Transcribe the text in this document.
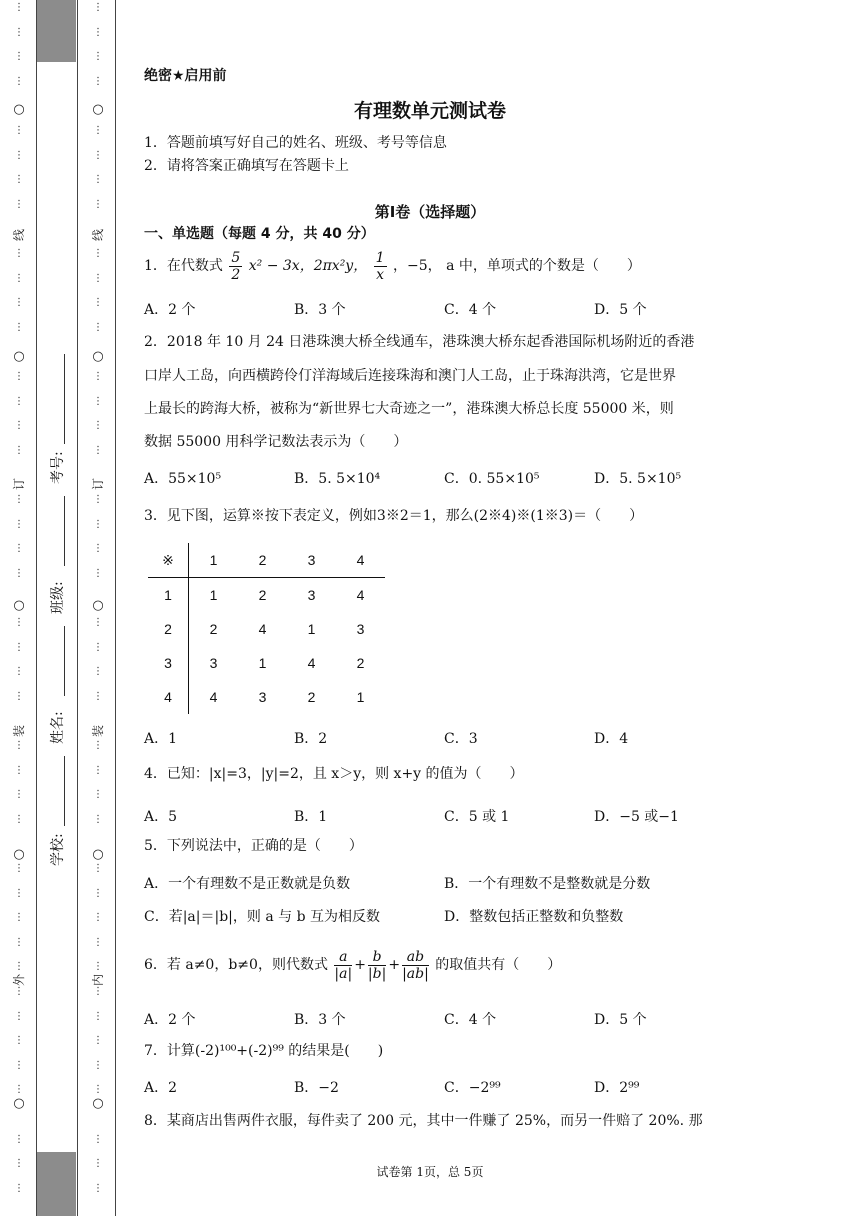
⋮
⋮
⋮
⋮
⋮
⋮
⋮
⋮
⋮
⋮
⋮
⋮
⋮
⋮
⋮
⋮
⋮
⋮
⋮
⋮
⋮
⋮
⋮
⋮
⋮
⋮
⋮
⋮
⋮
⋮
⋮
⋮
⋮
⋮
⋮
⋮
⋮
⋮
⋮
⋮
⋮
○
○
○
○
○
线
订
装
外
⋮
⋮
⋮
⋮
⋮
⋮
⋮
⋮
⋮
⋮
⋮
⋮
⋮
⋮
⋮
⋮
⋮
⋮
⋮
⋮
⋮
⋮
⋮
⋮
⋮
⋮
⋮
⋮
⋮
⋮
⋮
⋮
⋮
⋮
⋮
⋮
⋮
⋮
⋮
⋮
⋮
○
○
○
○
○
线
订
装
内
学校:
姓名:
班级:
考号:
绝密★启用前
有理数单元测试卷
1．答题前填写好自己的姓名、班级、考号等信息
2．请将答案正确填写在答题卡上
第Ⅰ卷（选择题）
一、单选题（每题 4 分，共 40 分）
1．在代数式 $\frac{5}{2} x^2 - 3x$，2πx²y， $\frac{1}{x}$ ，−5， a 中，单项式的个数是（　　）
A．2 个	B．3 个	C．4 个	D．5 个
2．2018 年 10 月 24 日港珠澳大桥全线通车，港珠澳大桥东起香港国际机场附近的香港
口岸人工岛，向西横跨伶仃洋海域后连接珠海和澳门人工岛，止于珠海洪湾，它是世界
上最长的跨海大桥，被称为“新世界七大奇迹之一”，港珠澳大桥总长度 55000 米，则
数据 55000 用科学记数法表示为（　　）
A．55×10⁵	B．5. 5×10⁴	C．0. 55×10⁵	D．5. 5×10⁵
3．见下图，运算※按下表定义，例如3※2＝1，那么(2※4)※(1※3)＝（　　）
※	1	2	3	4
1	1	2	3	4
2	2	4	1	3
3	3	1	4	2
4	4	3	2	1
A．1	B．2	C．3	D．4
4．已知：|x|=3，|y|=2，且 x＞y，则 x+y 的值为（　　）
A．5	B．1	C．5 或 1	D．−5 或−1
5．下列说法中，正确的是（　　）
A．一个有理数不是正数就是负数	B．一个有理数不是整数就是分数
C．若|a|＝|b|，则 a 与 b 互为相反数	D．整数包括正整数和负整数
6．若 a≠0，b≠0，则代数式 $\frac{a}{|a|} + \frac{b}{|b|} + \frac{ab}{|ab|}$ 的取值共有（　　）
A．2 个	B．3 个	C．4 个	D．5 个
7．计算(-2)¹⁰⁰+(-2)⁹⁹ 的结果是(　　)
A．2	B．−2	C．−2⁹⁹	D．2⁹⁹
8．某商店出售两件衣服，每件卖了 200 元，其中一件赚了 25%，而另一件赔了 20%. 那
试卷第 1页，总 5页
